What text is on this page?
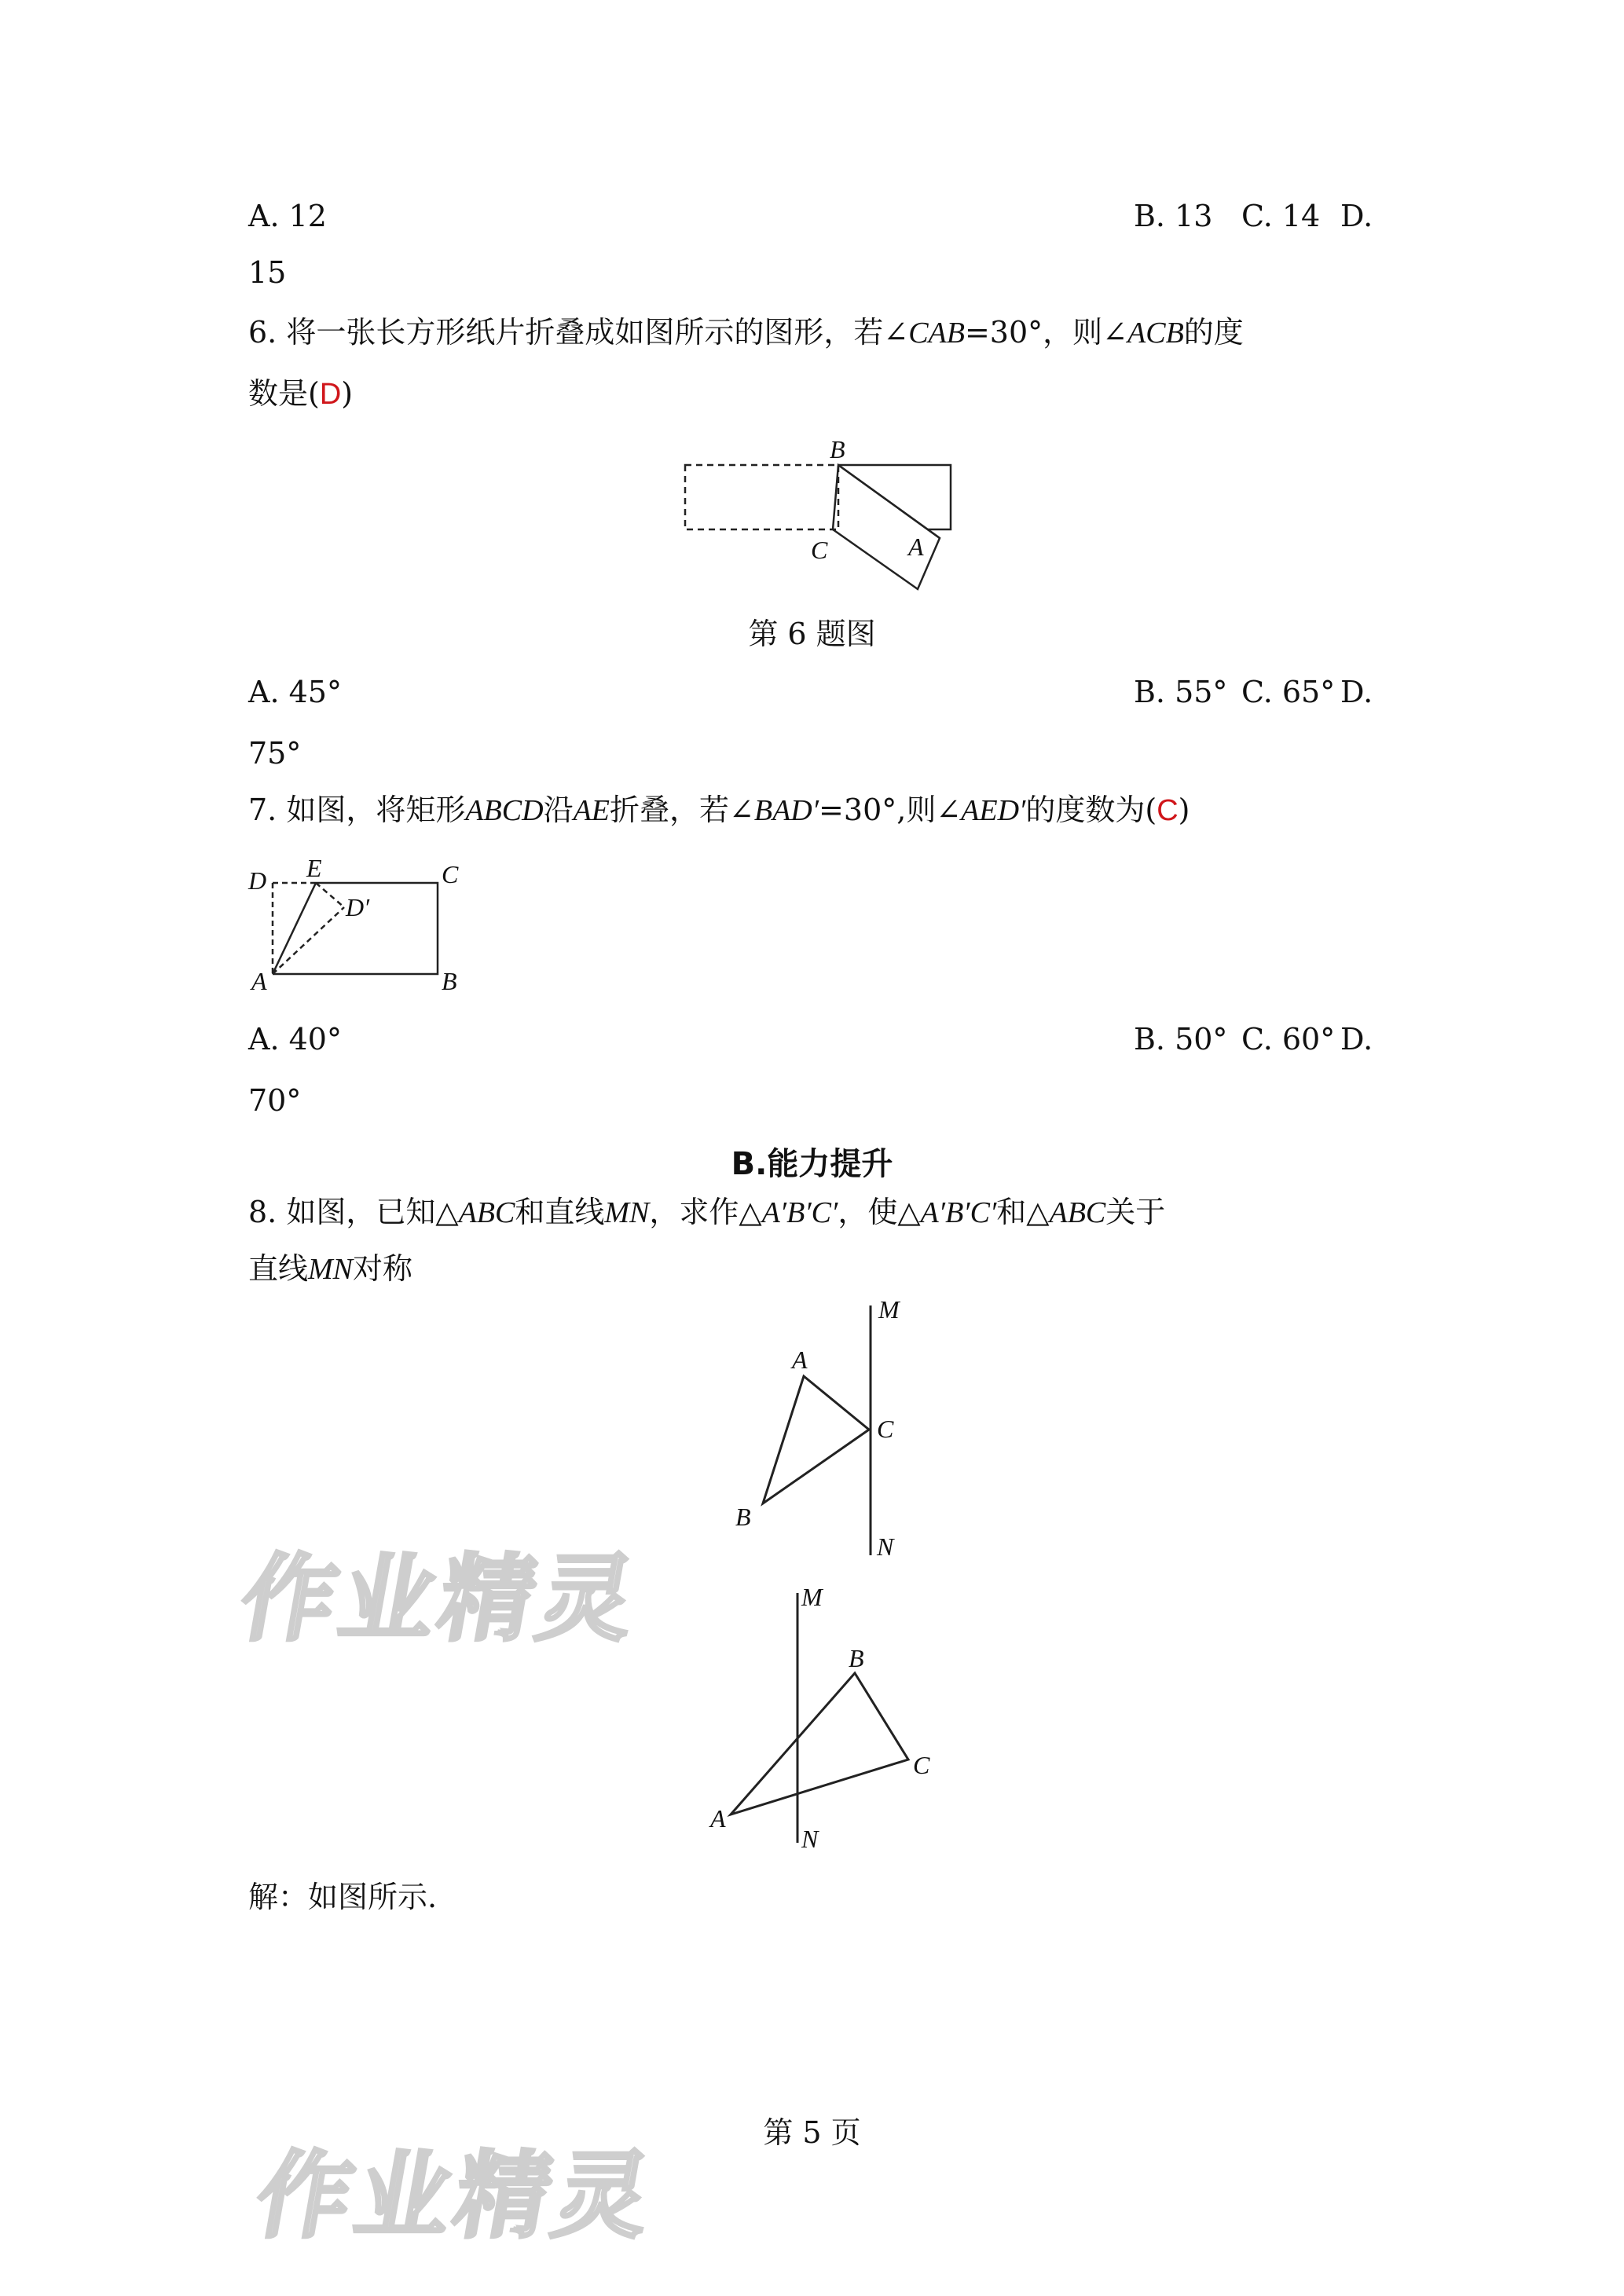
A. 12	B. 13 C. 14 D.
15
6. 将一张长方形纸片折叠成如图所示的图形，若∠CAB=30°，则∠ACB的度
数是(D)
B
C	A
第 6 题图
A. 45°	B. 55° C. 65° D.
75°
7. 如图，将矩形ABCD沿AE折叠，若∠BAD′=30°,则∠AED′的度数为(C)
D E	C
D′
A	B
A. 40°	B. 50° C. 60° D.
70°
B.能力提升
8. 如图，已知△ABC和直线MN，求作△A′B′C′，使△A′B′C′和△ABC关于
直线MN对称
M
A
C
B
N
M
B
C
A
N
解：如图所示.
作业精灵
作业精灵
第 5 页
